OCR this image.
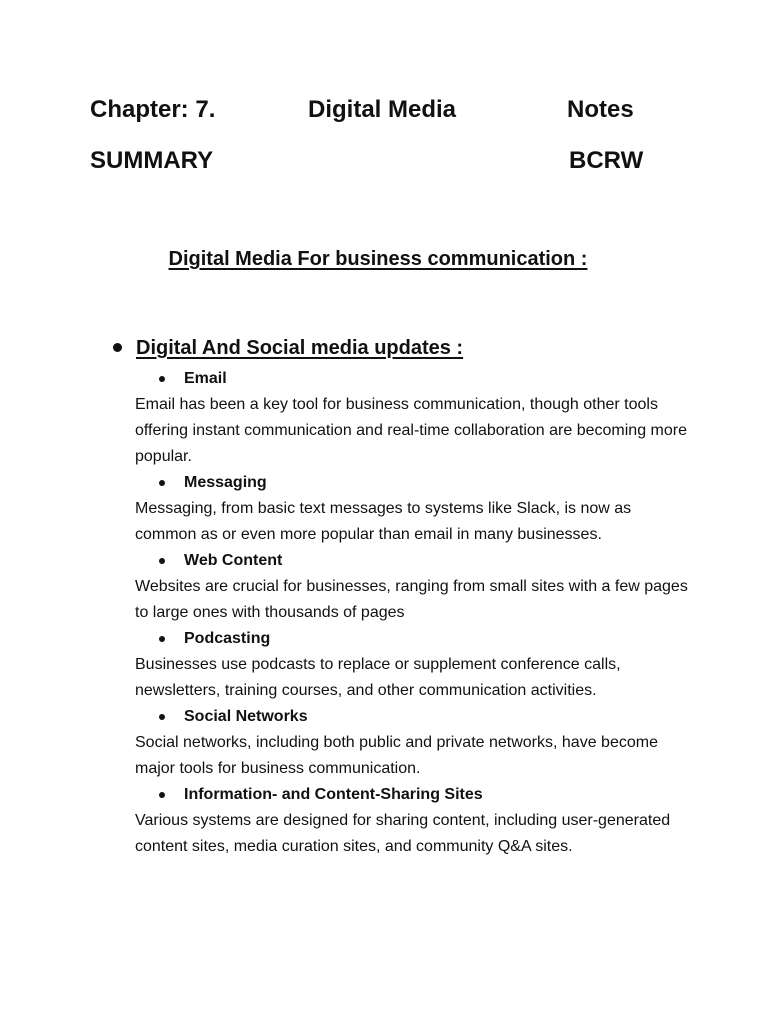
Chapter: 7.	Digital Media	Notes
SUMMARY	BCRW
Digital Media For business communication :
Digital And Social media updates :
Email

Email has been a key tool for business communication, though other tools offering instant communication and real-time collaboration are becoming more popular.

Messaging

Messaging, from basic text messages to systems like Slack, is now as common as or even more popular than email in many businesses.

Web Content

Websites are crucial for businesses, ranging from small sites with a few pages to large ones with thousands of pages

Podcasting

Businesses use podcasts to replace or supplement conference calls, newsletters, training courses, and other communication activities.

Social Networks

Social networks, including both public and private networks, have become major tools for business communication.

Information- and Content-Sharing Sites

Various systems are designed for sharing content, including user-generated content sites, media curation sites, and community Q&A sites.
